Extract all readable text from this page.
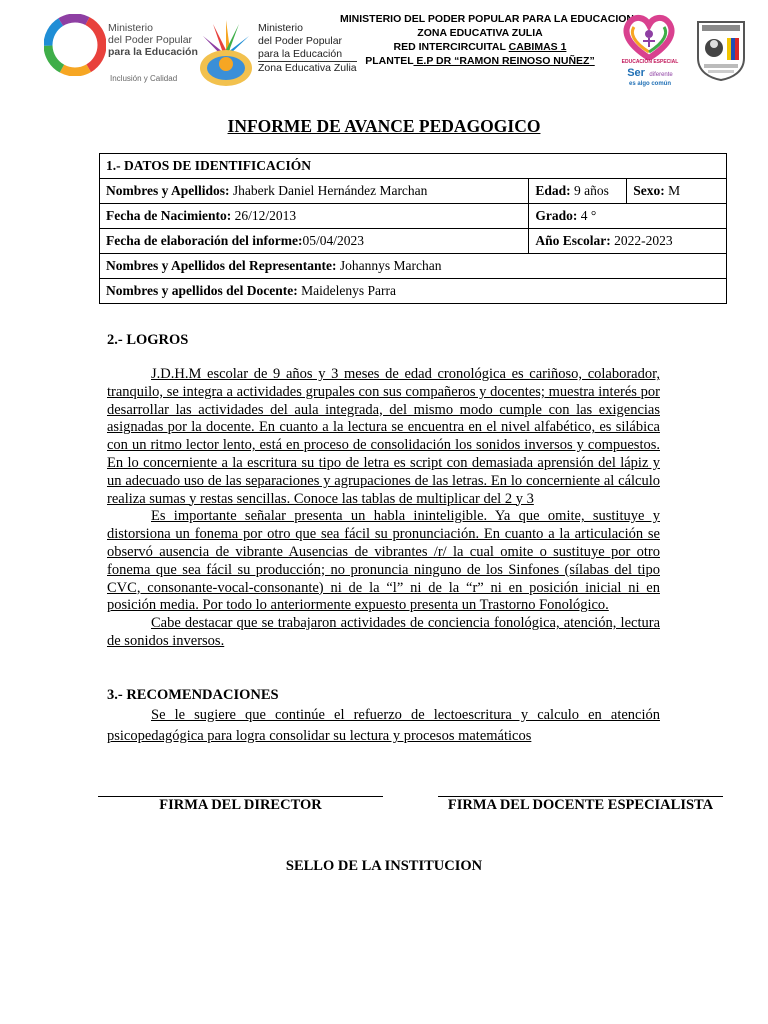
Ministerio
del Poder Popular
para la Educación
Inclusión y Calidad
Ministerio
del Poder Popular
para la Educación
Zona Educativa Zulia
MINISTERIO DEL PODER POPULAR PARA LA EDUCACION
ZONA EDUCATIVA ZULIA
RED INTERCIRCUITAL CABIMAS 1
PLANTEL E.P DR “RAMON REINOSO NUÑEZ”	EDUCACIÓN ESPECIAL
Ser diferente
es algo común
INFORME DE AVANCE PEDAGOGICO
1.- DATOS DE IDENTIFICACIÓN		
Nombres y Apellidos: Jhaberk Daniel Hernández Marchan	Edad: 9 años	Sexo: M
Fecha de Nacimiento: 26/12/2013	Grado: 4 °	
Fecha de elaboración del informe:05/04/2023	Año Escolar: 2022-2023	
Nombres y Apellidos del Representante: Johannys Marchan		
Nombres y apellidos del Docente: Maidelenys Parra		
2.- LOGROS

J.D.H.M escolar de 9 años y 3 meses de edad cronológica es cariñoso, colaborador, tranquilo, se integra a actividades grupales con sus compañeros y docentes; muestra interés por desarrollar las actividades del aula integrada, del mismo modo cumple con las exigencias asignadas por la docente. En cuanto a la lectura se encuentra en el nivel alfabético, es silábica con un ritmo lector lento, está en proceso de consolidación los sonidos inversos y compuestos. En lo concerniente a la escritura su tipo de letra es script con demasiada aprensión del lápiz y un adecuado uso de las separaciones y agrupaciones de las letras. En lo concerniente al cálculo realiza sumas y restas sencillas. Conoce las tablas de multiplicar del 2 y 3

Es importante señalar presenta un habla ininteligible. Ya que omite, sustituye y distorsiona un fonema por otro que sea fácil su pronunciación. En cuanto a la articulación se observó ausencia de vibrante Ausencias de vibrantes /r/ la cual omite o sustituye por otro fonema que sea fácil su producción; no pronuncia ninguno de los Sinfones (sílabas del tipo CVC, consonante-vocal-consonante) ni de la “l” ni de la “r” ni en posición inicial ni en posición media. Por todo lo anteriormente expuesto presenta un Trastorno Fonológico.

Cabe destacar que se trabajaron actividades de conciencia fonológica, atención, lectura de sonidos inversos.

3.- RECOMENDACIONES

Se le sugiere que continúe el refuerzo de lectoescritura y calculo en atención psicopedagógica para logra consolidar su lectura y procesos matemáticos

FIRMA DEL DIRECTOR	FIRMA DEL DOCENTE ESPECIALISTA
SELLO DE LA INSTITUCION
